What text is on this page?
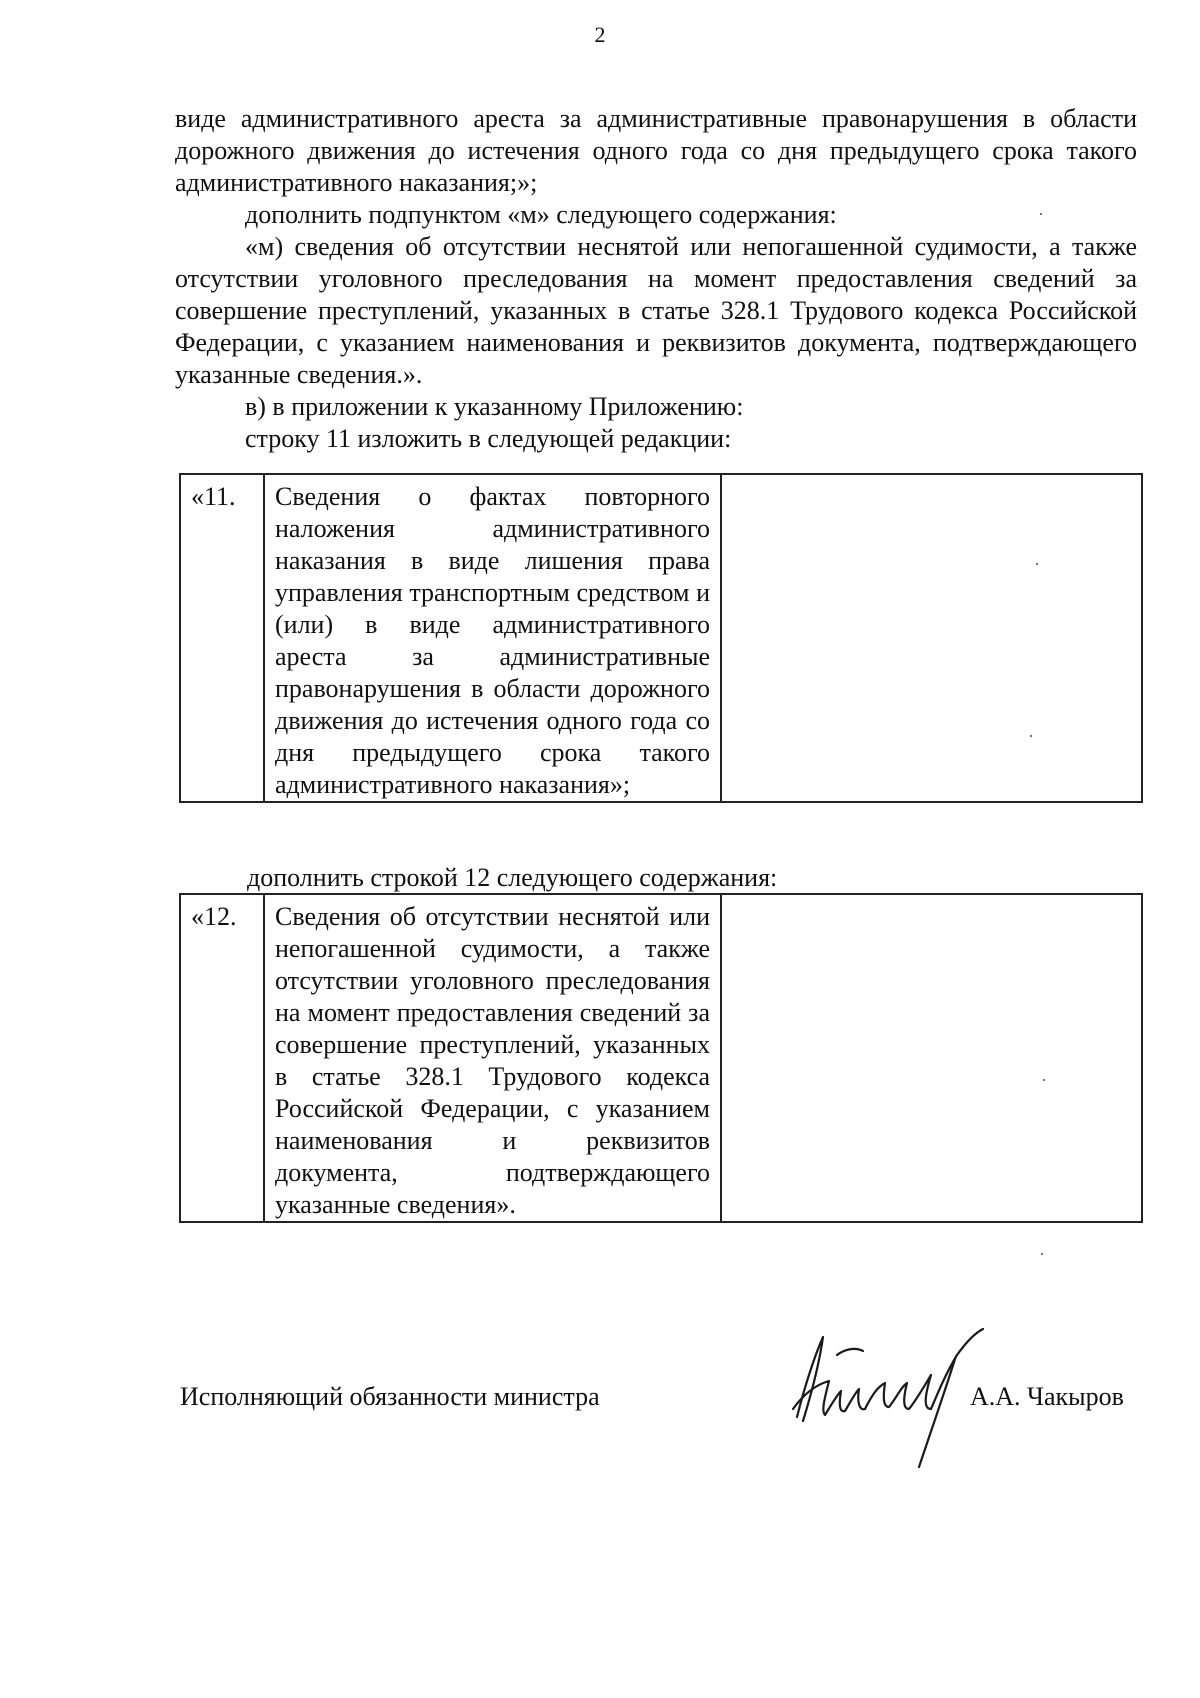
2

виде административного ареста за административные правонарушения в области дорожного движения до истечения одного года со дня предыдущего срока такого административного наказания;»;

дополнить подпунктом «м» следующего содержания:

«м) сведения об отсутствии неснятой или непогашенной судимости, а также отсутствии уголовного преследования на момент предоставления сведений за совершение преступлений, указанных в статье 328.1 Трудового кодекса Российской Федерации, с указанием наименования и реквизитов документа, подтверждающего указанные сведения.».

в) в приложении к указанному Приложению:

строку 11 изложить в следующей редакции:

«11.	Сведения о фактах повторного наложения административного наказания в виде лишения права управления транспортным средством и (или) в виде административного ареста за административные правонарушения в области дорожного движения до истечения одного года со дня предыдущего срока такого административного наказания»;	

дополнить строкой 12 следующего содержания:

«12.	Сведения об отсутствии неснятой или непогашенной судимости, а также отсутствии уголовного преследования на момент предоставления сведений за совершение преступлений, указанных в статье 328.1 Трудового кодекса Российской Федерации, с указанием наименования и реквизитов документа, подтверждающего указанные сведения».	
Исполняющий обязанности министра	А.А. Чакыров
